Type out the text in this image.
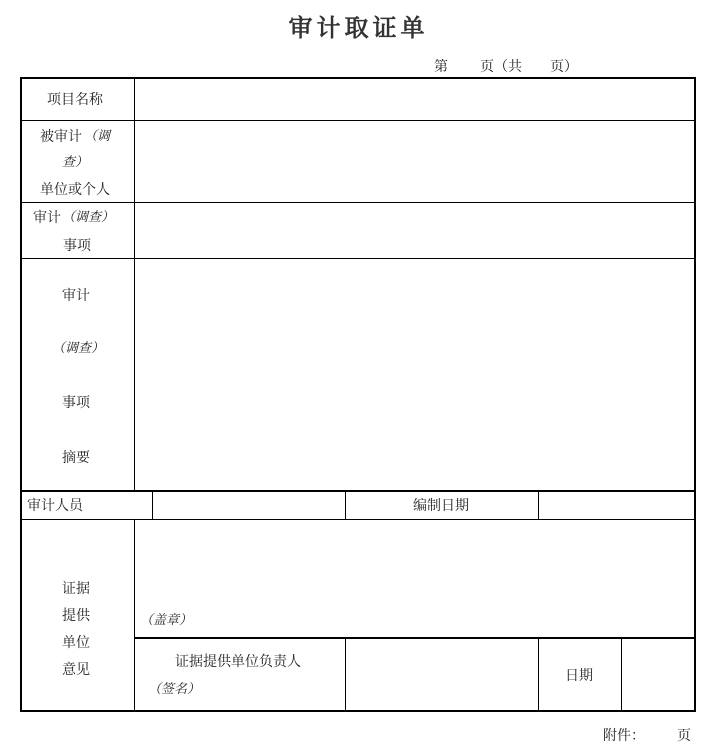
审计取证单
第 页（共 页）
项目名称
被审计 （调
查）
单位或个人
审计 （调查）
事项
审计
（调查）
事项
摘要
审计人员	编制日期
证据
提供
单位
意见
（盖章）
证据提供单位负责人
（签名）
日期
附件： 页
